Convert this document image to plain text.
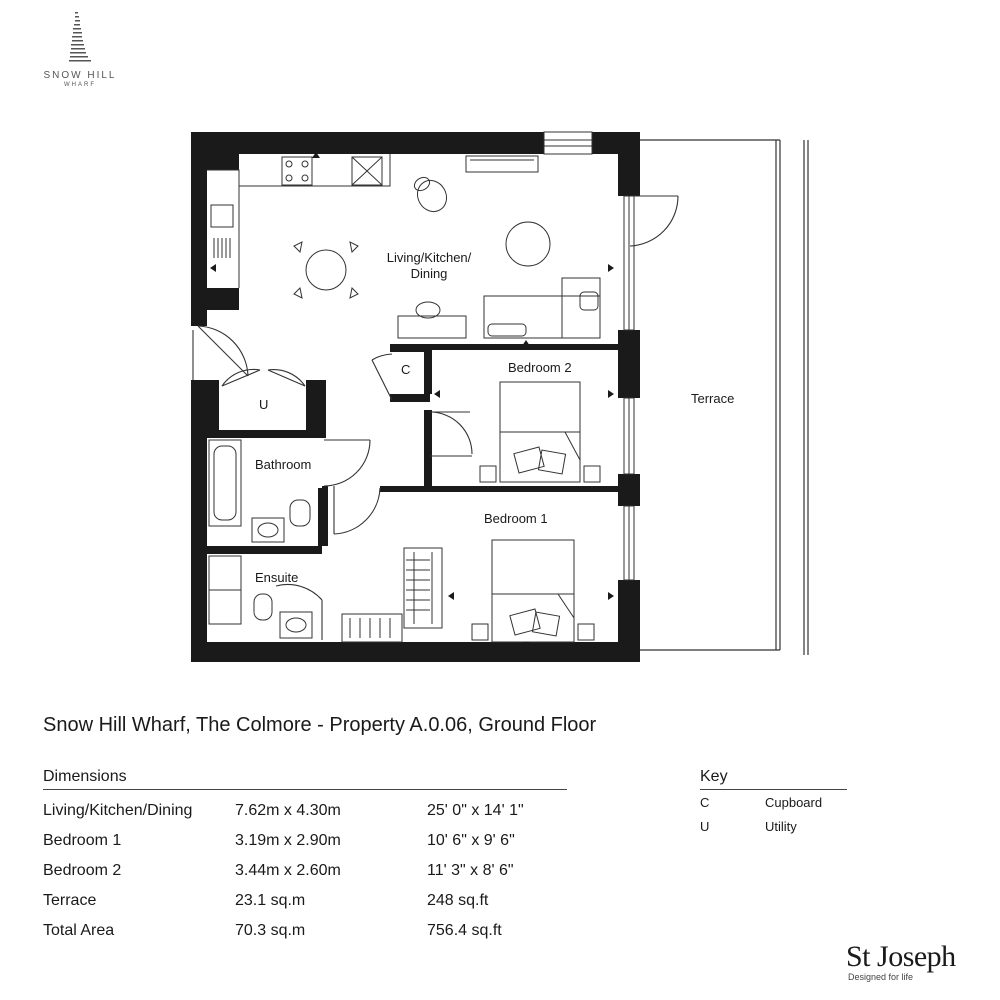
SNOW HILL
WHARF
Living/Kitchen/
Dining
Bedroom 2
Bedroom 1
Bathroom
Ensuite
Terrace
C
U
Snow Hill Wharf, The Colmore - Property A.0.06, Ground Floor
Dimensions
Living/Kitchen/Dining	7.62m x 4.30m	25' 0" x 14' 1"
Bedroom 1	3.19m x 2.90m	10' 6" x 9' 6"
Bedroom 2	3.44m x 2.60m	11' 3" x 8' 6"
Terrace	23.1 sq.m	248 sq.ft
Total Area	70.3 sq.m	756.4 sq.ft
Key
C	Cupboard
U	Utility
St Joseph
Designed for life
